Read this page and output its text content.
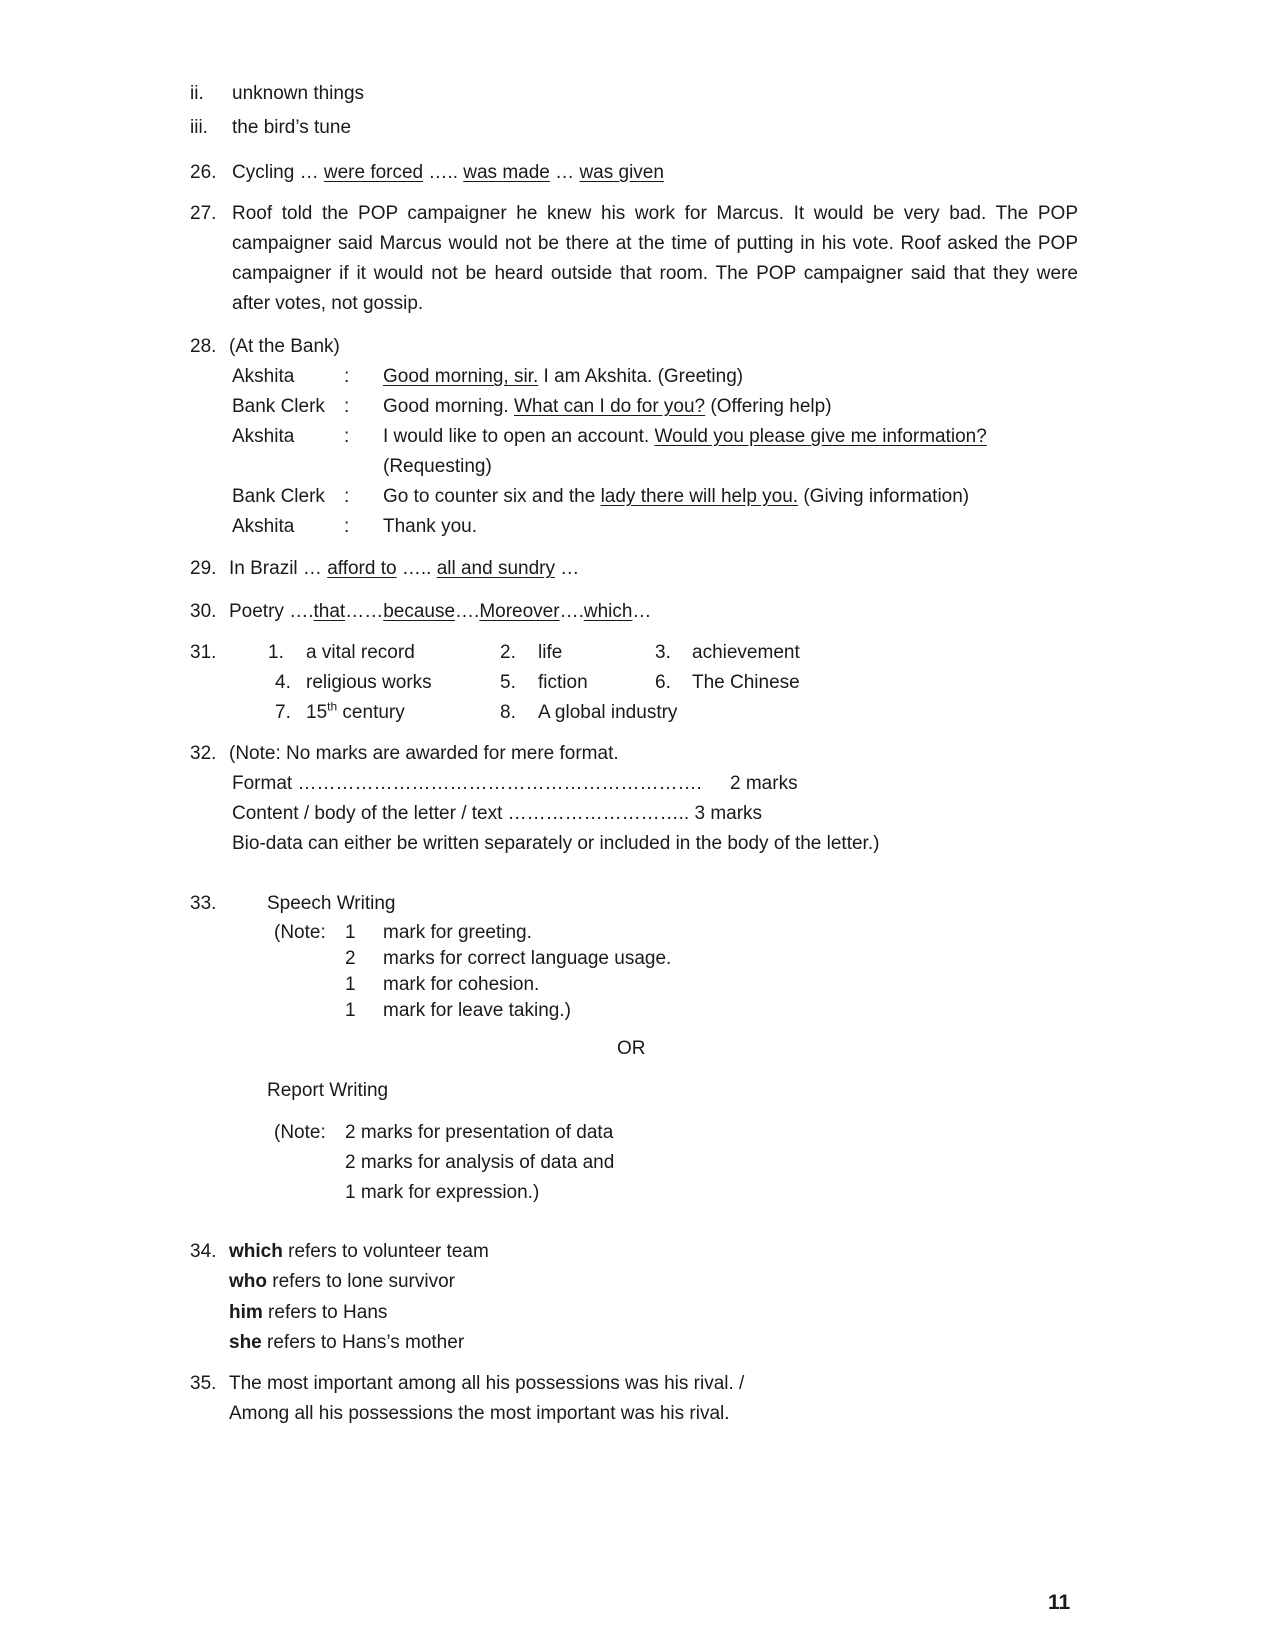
ii. unknown things
iii. the bird’s tune
26. Cycling … were forced ….. was made … was given
27. Roof told the POP campaigner he knew his work for Marcus. It would be very bad. The POP campaigner said Marcus would not be there at the time of putting in his vote. Roof asked the POP campaigner if it would not be heard outside that room. The POP campaigner said that they were after votes, not gossip.
28. (At the Bank)
Akshita	: Good morning, sir. I am Akshita. (Greeting)
Bank Clerk : Good morning. What can I do for you? (Offering help)
Akshita	: I would like to open an account. Would you please give me information?
(Requesting)
Bank Clerk : Go to counter six and the lady there will help you. (Giving information)
Akshita	: Thank you.
29. In Brazil … afford to ….. all and sundry …
30. Poetry ….that……because….Moreover….which…
31.	1. a vital record	2. life	3. achievement
4. religious works	5. fiction	6. The Chinese
7. 15th century	8. A global industry
32. (Note: No marks are awarded for mere format.
Format ………………………………………………………. 2 marks
Content / body of the letter / text ……………………….. 3 marks
Bio-data can either be written separately or included in the body of the letter.)
33.	Speech Writing
(Note: 1 mark for greeting.
2 marks for correct language usage.
1 mark for cohesion.
1 mark for leave taking.)
OR
Report Writing
(Note: 2 marks for presentation of data
2 marks for analysis of data and
1 mark for expression.)
34. which refers to volunteer team
who refers to lone survivor
him refers to Hans
she refers to Hans’s mother
35. The most important among all his possessions was his rival. /
Among all his possessions the most important was his rival.
11
